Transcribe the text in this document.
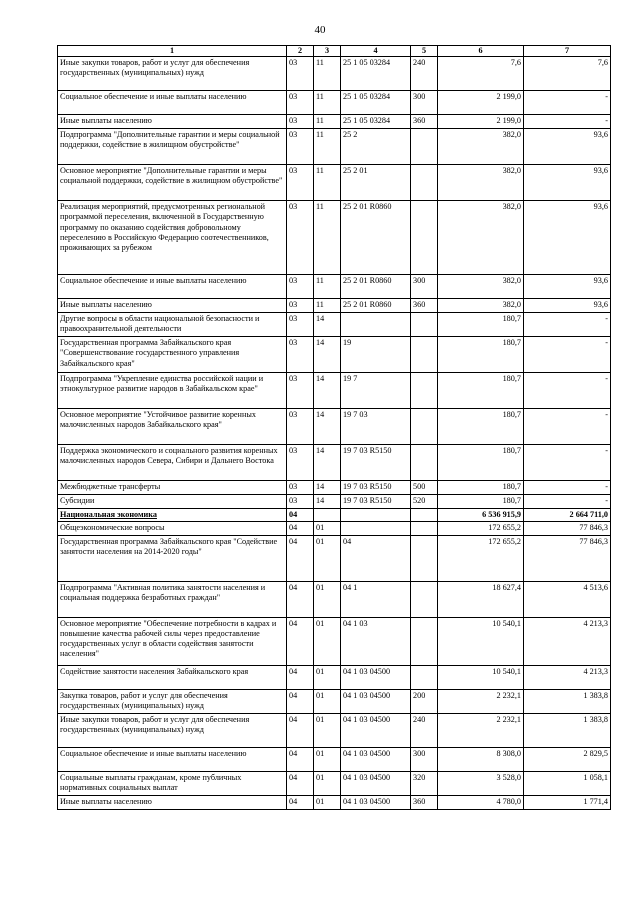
40
1	2	3	4	5	6	7
Иные закупки товаров, работ и услуг для обеспечения государственных (муниципальных) нужд	03	11	25 1 05 03284	240	7,6	7,6
Социальное обеспечение и иные выплаты населению	03	11	25 1 05 03284	300	2 199,0	-
Иные выплаты населению	03	11	25 1 05 03284	360	2 199,0	-
Подпрограмма "Дополнительные гарантии и меры социальной поддержки, содействие в жилищном обустройстве"	03	11	25 2		382,0	93,6
Основное мероприятие "Дополнительные гарантии и меры социальной поддержки, содействие в жилищном обустройстве"	03	11	25 2 01		382,0	93,6
Реализация мероприятий, предусмотренных региональной программой переселения, включенной в Государственную программу по оказанию содействия добровольному переселению в Российскую Федерацию соотечественников, проживающих за рубежом	03	11	25 2 01 R0860		382,0	93,6
Социальное обеспечение и иные выплаты населению	03	11	25 2 01 R0860	300	382,0	93,6
Иные выплаты населению	03	11	25 2 01 R0860	360	382,0	93,6
Другие вопросы в области национальной безопасности и правоохранительной деятельности	03	14			180,7	-
Государственная программа Забайкальского края "Совершенствование государственного управления Забайкальского края"	03	14	19		180,7	-
Подпрограмма "Укрепление единства российской нации и этнокультурное развитие народов в Забайкальском крае"	03	14	19 7		180,7	-
Основное мероприятие "Устойчивое развитие коренных малочисленных народов Забайкальского края"	03	14	19 7 03		180,7	-
Поддержка экономического и социального развития коренных малочисленных народов Севера, Сибири и Дальнего Востока	03	14	19 7 03 R5150		180,7	-
Межбюджетные трансферты	03	14	19 7 03 R5150	500	180,7	-
Субсидии	03	14	19 7 03 R5150	520	180,7	-
Национальная экономика	04				6 536 915,9	2 664 711,0
Общеэкономические вопросы	04	01			172 655,2	77 846,3
Государственная программа Забайкальского края "Содействие занятости населения на 2014-2020 годы"	04	01	04		172 655,2	77 846,3
Подпрограмма "Активная политика занятости населения и социальная поддержка безработных граждан"	04	01	04 1		18 627,4	4 513,6
Основное мероприятие "Обеспечение потребности в кадрах и повышение качества рабочей силы через предоставление государственных услуг в области содействия занятости населения"	04	01	04 1 03		10 540,1	4 213,3
Содействие занятости населения Забайкальского края	04	01	04 1 03 04500		10 540,1	4 213,3
Закупка товаров, работ и услуг для обеспечения государственных (муниципальных) нужд	04	01	04 1 03 04500	200	2 232,1	1 383,8
Иные закупки товаров, работ и услуг для обеспечения государственных (муниципальных) нужд	04	01	04 1 03 04500	240	2 232,1	1 383,8
Социальное обеспечение и иные выплаты населению	04	01	04 1 03 04500	300	8 308,0	2 829,5
Социальные выплаты гражданам, кроме публичных нормативных социальных выплат	04	01	04 1 03 04500	320	3 528,0	1 058,1
Иные выплаты населению	04	01	04 1 03 04500	360	4 780,0	1 771,4
